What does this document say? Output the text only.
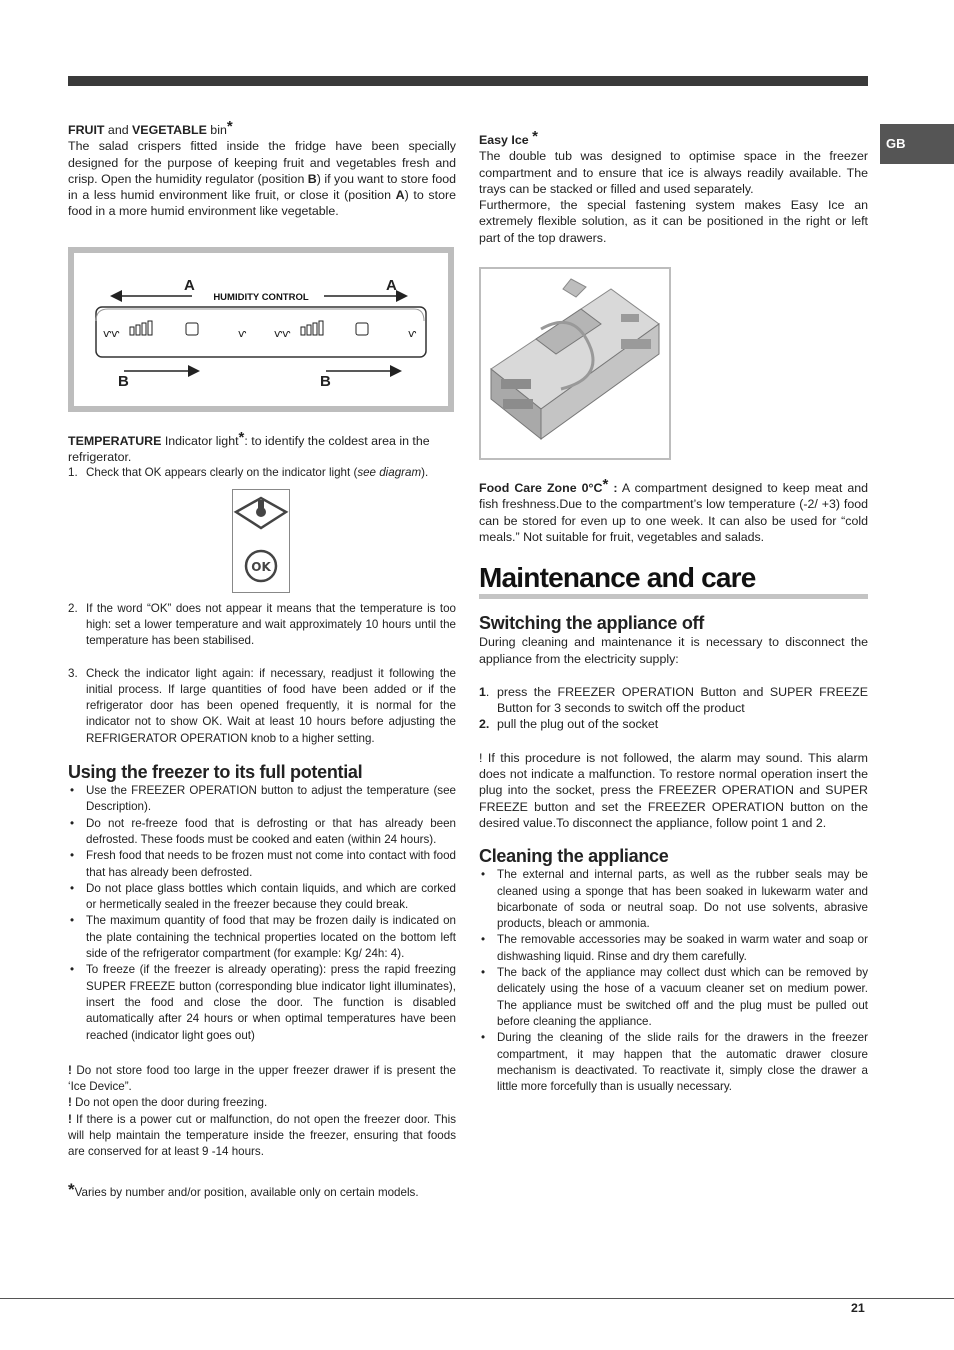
GB

FRUIT and VEGETABLE bin*

The salad crispers fitted inside the fridge have been specially designed for the purpose of keeping fruit and vegetables fresh and crisp. Open the humidity regulator (position B) if you want to store food in a less humid environment like fruit, or close it (position A) to store food in a more humid environment like vegetable.

A	A
HUMIDITY CONTROL
ⱱⱱ	ⱱ	ⱱⱱ	ⱱ
B	B

TEMPERATURE Indicator light*: to identify the coldest area in the refrigerator.

1. Check that OK appears clearly on the indicator light (see diagram).
OK
2. If the word “OK” does not appear it means that the temperature is too high: set a lower temperature and wait approximately 10 hours until the temperature has been stabilised.
3. Check the indicator light again: if necessary, readjust it following the initial process. If large quantities of food have been added or if the refrigerator door has been opened frequently, it is normal for the indicator not to show OK. Wait at least 10 hours before adjusting the REFRIGERATOR OPERATION knob to a higher setting.
Using the freezer to its full potential
• Use the FREEZER OPERATION button to adjust the temperature (see Description).
• Do not re-freeze food that is defrosting or that has already been defrosted. These foods must be cooked and eaten (within 24 hours).
• Fresh food that needs to be frozen must not come into contact with food that has already been defrosted.
• Do not place glass bottles which contain liquids, and which are corked or hermetically sealed in the freezer because they could break.
• The maximum quantity of food that may be frozen daily is indicated on the plate containing the technical properties located on the bottom left side of the refrigerator compartment (for example: Kg/ 24h: 4).
• To freeze (if the freezer is already operating): press the rapid freezing SUPER FREEZE button (corresponding blue indicator light illuminates), insert the food and close the door. The function is disabled automatically after 24 hours or when optimal temperatures have been reached (indicator light goes out)

! Do not store food too large in the upper freezer drawer if is present the ‘Ice Device”.

! Do not open the door during freezing.

! If there is a power cut or malfunction, do not open the freezer door. This will help maintain the temperature inside the freezer, ensuring that foods are conserved for at least 9 -14 hours.

*Varies by number and/or position, available only on certain models.

Easy Ice *

The double tub was designed to optimise space in the freezer compartment and to ensure that ice is always readily available. The trays can be stacked or filled and used separately.

Furthermore, the special fastening system makes Easy Ice an extremely flexible solution, as it can be positioned in the right or left part of the top drawers.

Food Care Zone 0°C* : A compartment designed to keep meat and fish freshness.Due to the compartment’s low temperature (-2/ +3) food can be stored for even up to one week. It can also be used for “cold meals.” Not suitable for fruit, vegetables and salads.

Maintenance and care
Switching the appliance off

During cleaning and maintenance it is necessary to disconnect the appliance from the electricity supply:

1. press the FREEZER OPERATION Button and SUPER FREEZE Button for 3 seconds to switch off the product
2. pull the plug out of the socket

! If this procedure is not followed, the alarm may sound. This alarm does not indicate a malfunction. To restore normal operation insert the plug into the socket, press the FREEZER OPERATION and SUPER FREEZE button and set the FREEZER OPERATION button on the desired value.To disconnect the appliance, follow point 1 and 2.

Cleaning the appliance
• The external and internal parts, as well as the rubber seals may be cleaned using a sponge that has been soaked in lukewarm water and bicarbonate of soda or neutral soap. Do not use solvents, abrasive products, bleach or ammonia.
• The removable accessories may be soaked in warm water and soap or dishwashing liquid. Rinse and dry them carefully.
• The back of the appliance may collect dust which can be removed by delicately using the hose of a vacuum cleaner set on medium power. The appliance must be switched off and the plug must be pulled out before cleaning the appliance.
• During the cleaning of the slide rails for the drawers in the freezer compartment, it may happen that the automatic drawer closure mechanism is deactivated. To reactivate it, simply close the drawer a little more forcefully than is usually necessary.
21
